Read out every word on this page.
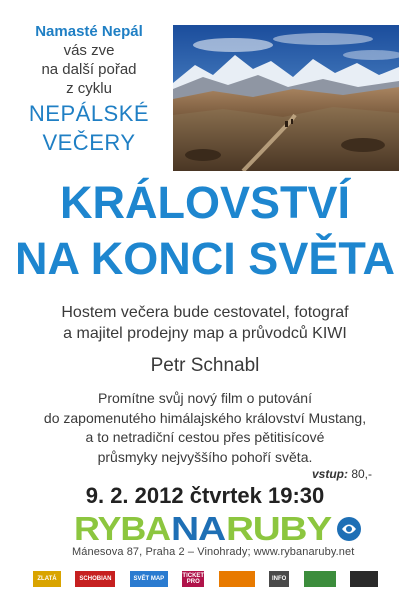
Namasté Nepál
vás zve
na další pořad
z cyklu
NEPÁLSKÉ
VEČERY
KRÁLOVSTVÍ
NA KONCI SVĚTA
Hostem večera bude cestovatel, fotograf
a majitel prodejny map a průvodců KIWI
Petr Schnabl
Promítne svůj nový film o putování
do zapomenutého himálajského království Mustang,
a to netradiční cestou přes pětitisícové
průsmyky nejvyššího pohoří světa.
vstup: 80,-
9. 2. 2012 čtvrtek 19:30
RYBA NA RUBY
Mánesova 87, Praha 2 – Vinohrady; www.rybanaruby.net
ZLATÁ	SCHOBIAN	SVĚT MAP	TICKET PRO	INFO
